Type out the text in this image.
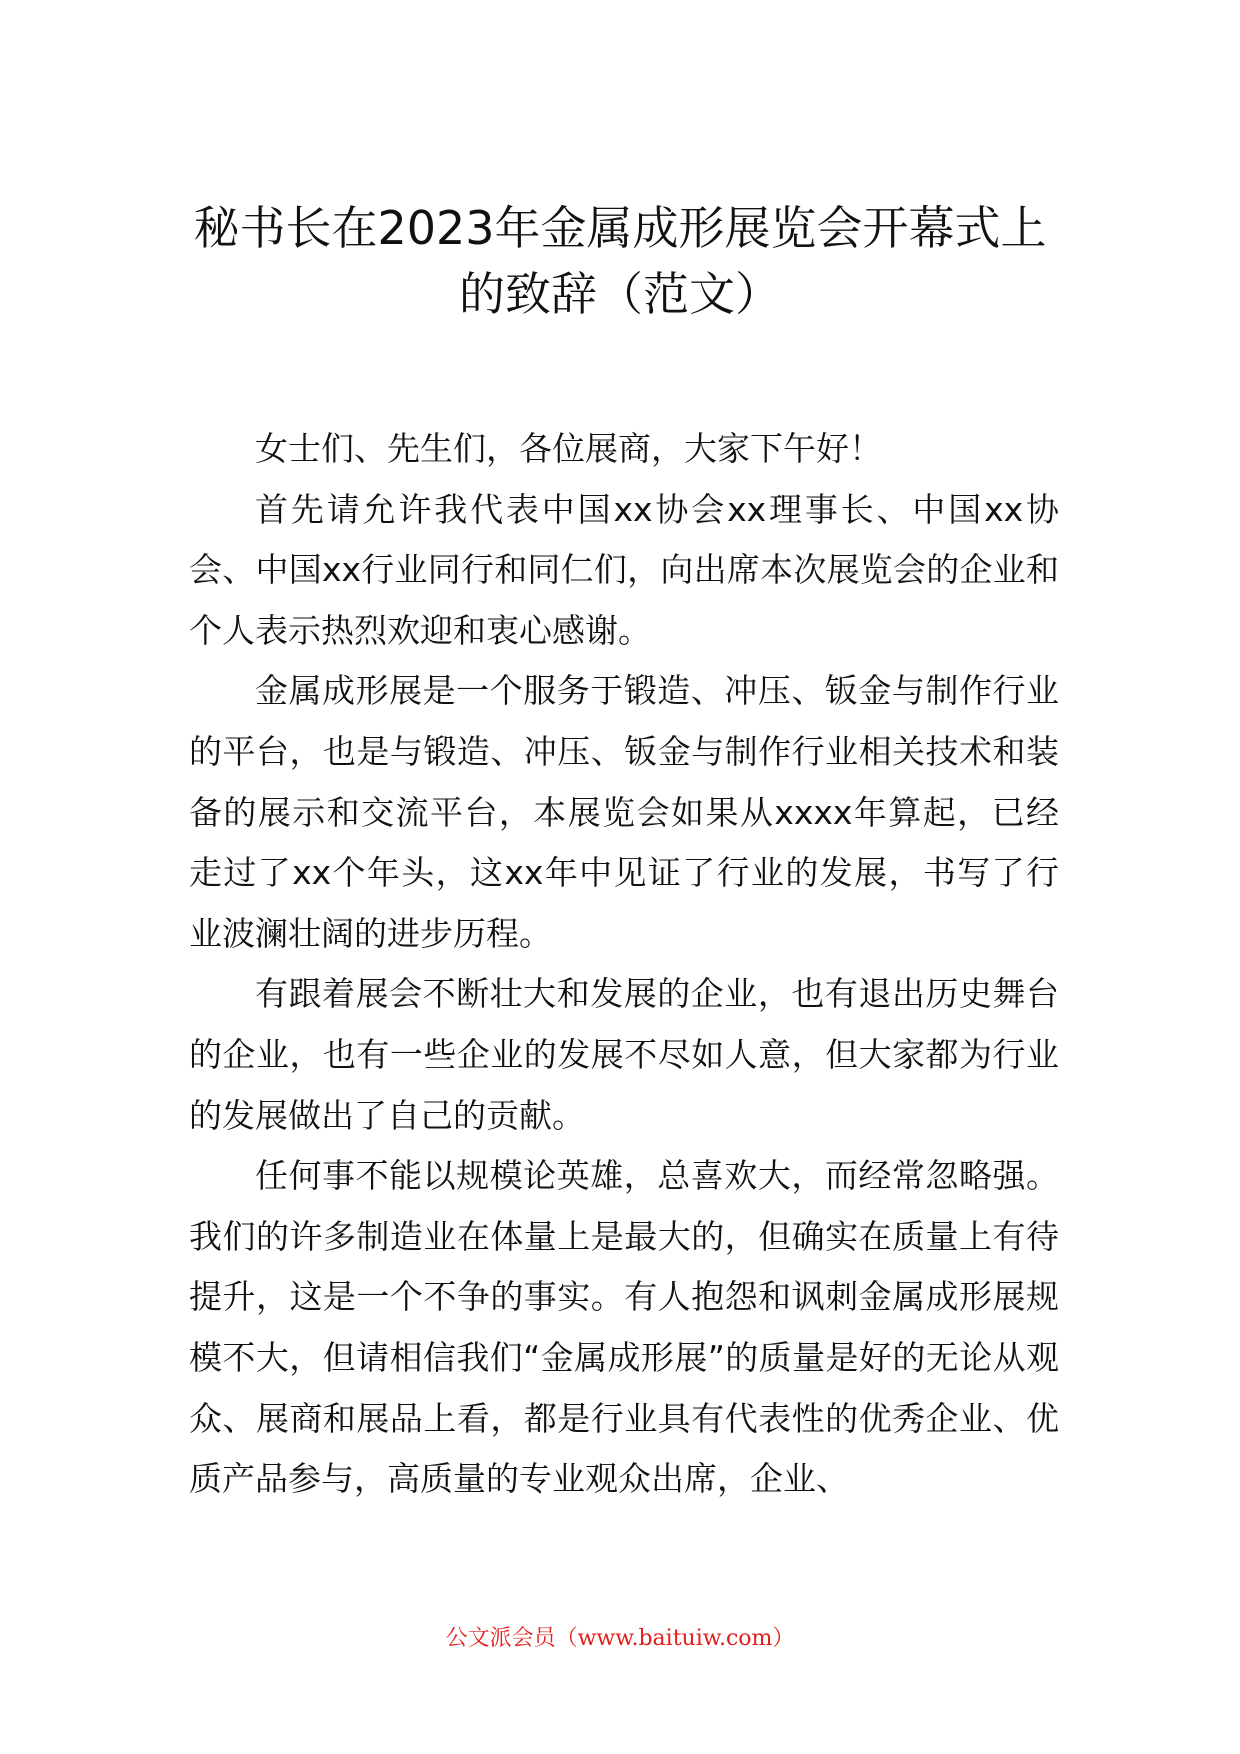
秘书长在2023年金属成形展览会开幕式上
的致辞（范文）

女士们、先生们，各位展商，大家下午好！

首先请允许我代表中国xx协会xx理事长、中国xx协会、中国xx行业同行和同仁们，向出席本次展览会的企业和个人表示热烈欢迎和衷心感谢。

金属成形展是一个服务于锻造、冲压、钣金与制作行业的平台，也是与锻造、冲压、钣金与制作行业相关技术和装备的展示和交流平台，本展览会如果从xxxx年算起，已经走过了xx个年头，这xx年中见证了行业的发展，书写了行业波澜壮阔的进步历程。

有跟着展会不断壮大和发展的企业，也有退出历史舞台的企业，也有一些企业的发展不尽如人意，但大家都为行业的发展做出了自己的贡献。

任何事不能以规模论英雄，总喜欢大，而经常忽略强。我们的许多制造业在体量上是最大的，但确实在质量上有待提升，这是一个不争的事实。有人抱怨和讽刺金属成形展规模不大，但请相信我们“金属成形展”的质量是好的无论从观众、展商和展品上看，都是行业具有代表性的优秀企业、优质产品参与，高质量的专业观众出席，企业、

公文派会员（www.baituiw.com）
